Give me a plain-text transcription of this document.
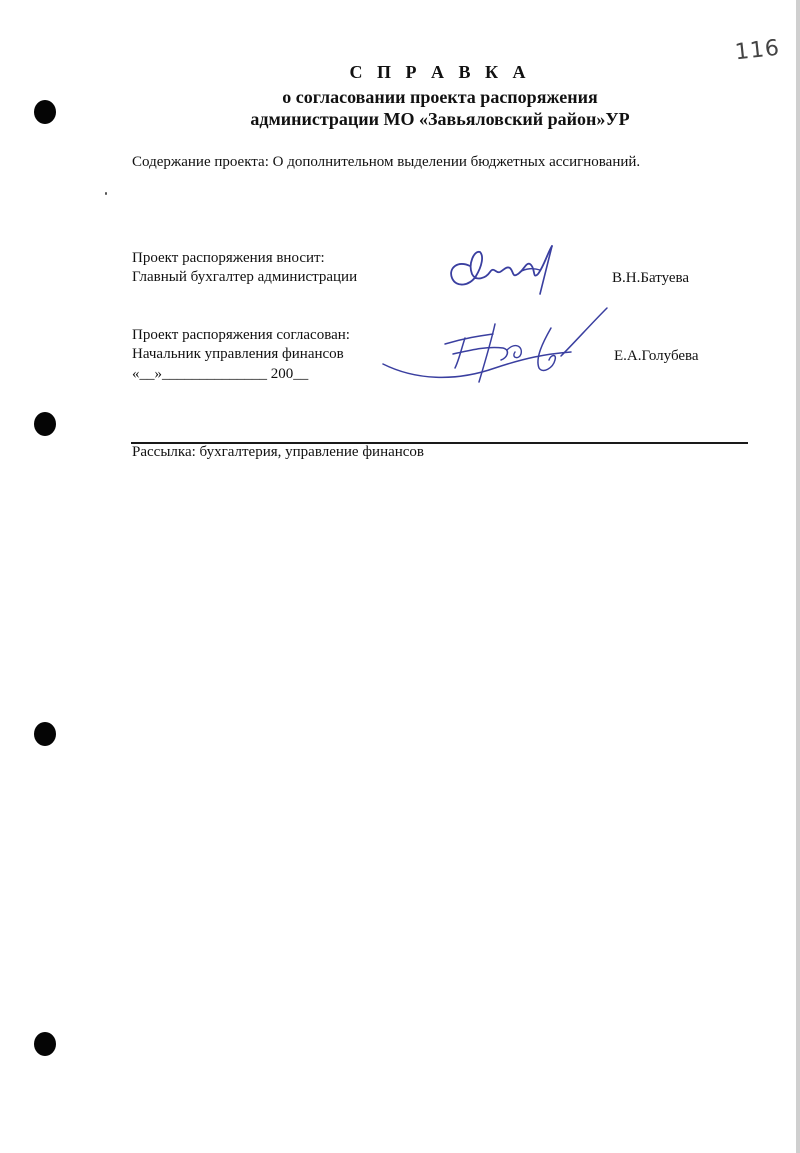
116
С П Р А В К А
о согласовании проекта распоряжения
администрации МО «Завьяловский район»УР
Содержание проекта: О дополнительном выделении бюджетных ассигнований.
Проект распоряжения вносит:
Главный бухгалтер администрации	В.Н.Батуева
Проект распоряжения согласован:
Начальник управления финансов
«__»______________ 200__
Е.А.Голубева
Рассылка: бухгалтерия, управление финансов
